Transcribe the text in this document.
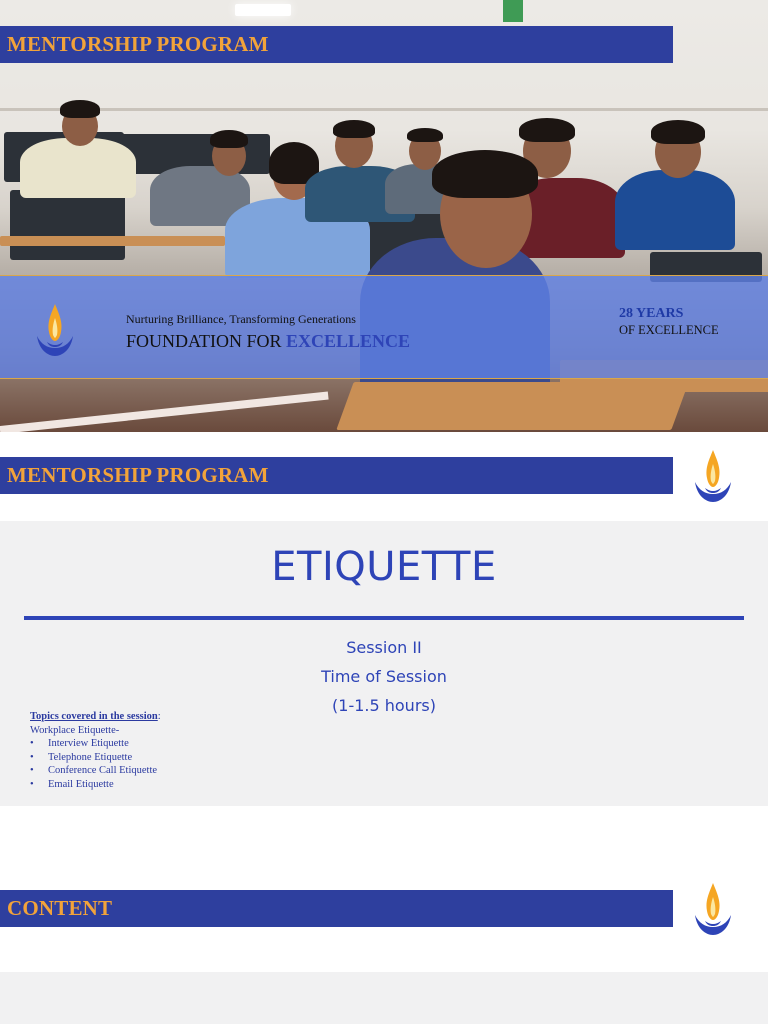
MENTORSHIP PROGRAM
Nurturing Brilliance, Transforming Generations
FOUNDATION FOR EXCELLENCE
28 YEARS
OF EXCELLENCE
MENTORSHIP PROGRAM
ETIQUETTE
Session II
Time of Session
(1-1.5 hours)
Topics covered in the session:
Workplace Etiquette-
• Interview Etiquette
• Telephone Etiquette
• Conference Call Etiquette
• Email Etiquette
CONTENT
